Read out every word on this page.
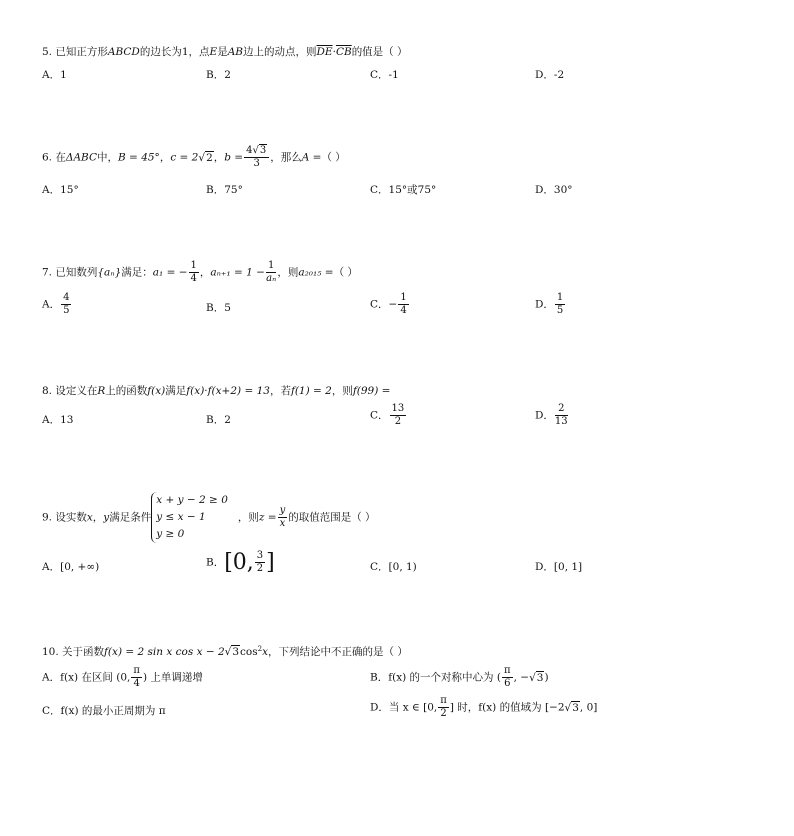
5. 已知正方形ABCD的边长为1，点E是AB边上的动点，则$\overline{DE}\cdot\overline{CB}$的值是（ ）
A．1	B．2	C．-1	D．-2
6. 在ΔABC中，B = 45°，c = 2√2，$b = \frac{4√3}{3}$ ，那么A =（ ）
A．15°	B．75°	C．15°或75°	D．30°
7. 已知数列{aₙ}满足：a₁ = − $\frac{1}{4}$ ，$a_{n+1} = 1 - \frac{1}{\text{aₙ}}$ ，则a₂₀₁₅ =（ ）
A． $\frac{4}{5}$	B．5	C．− $\frac{1}{4}$	D． $\frac{1}{5}$
8. 设定义在R上的函数f(x)满足f(x)·f(x+2) = 13，若f(1) = 2，则f(99) =
A．13	B．2	C． $\frac{13}{2}$	D． $\frac{2}{13}$
9. 设实数x，y满足条件x + y − 2 ≥ 0
y ≤ x − 1
y ≥ 0   ，则$z = \frac{y}{x}$ 的取值范围是（ ）
A．[0, +∞)	B．[0, $\frac{3}{2}$ ]	C．[0, 1)	D．[0, 1]
10. 关于函数f(x) = 2 sin x $\cos x - 2√3\cos^2x$，下列结论中不正确的是（ ）
A．f(x) 在区间 (0, $\frac{\pi}{4}$ ) 上单调递增	B．f(x) 的一个对称中心为 ( $\frac{\pi}{6}$ , −√3)
C．f(x) 的最小正周期为 π	D．当 x ∈ [0, $\frac{\pi}{2}$ ] 时，f(x) 的值域为 [−2√3, 0]
